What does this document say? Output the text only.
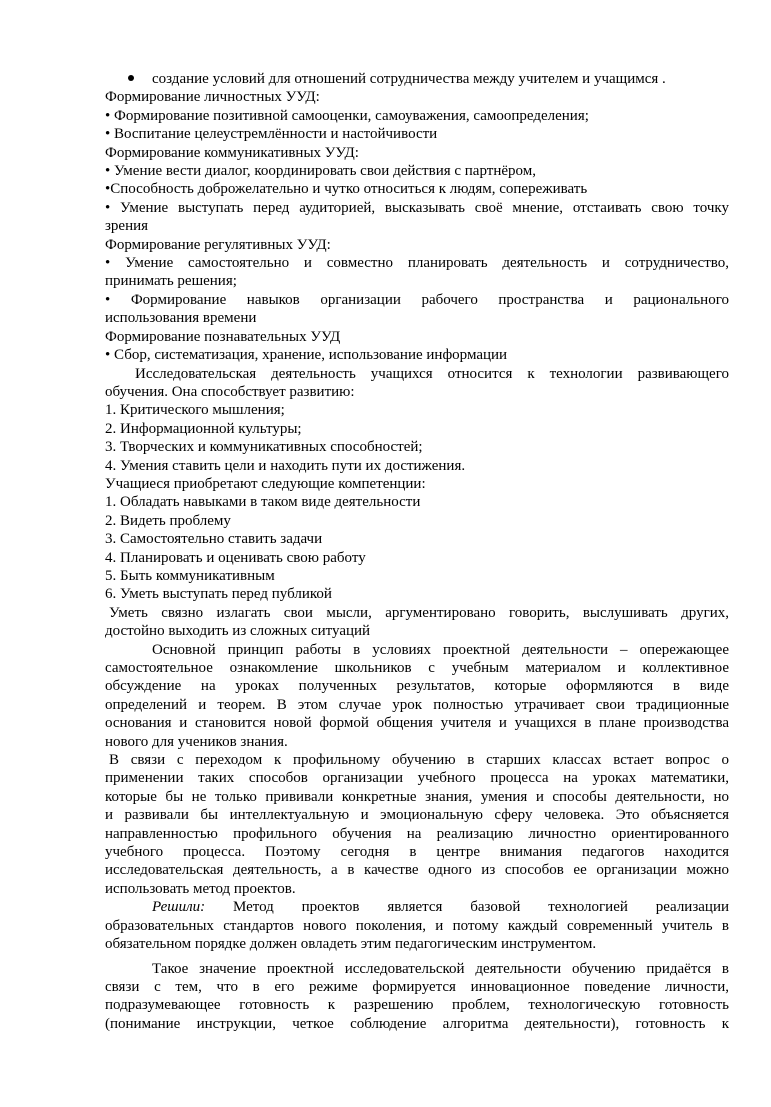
создание условий для отношений сотрудничества между учителем и учащимся .
Формирование личностных УУД:
• Формирование позитивной самооценки, самоуважения, самоопределения;
• Воспитание целеустремлённости и настойчивости
Формирование коммуникативных УУД:
• Умение вести диалог, координировать свои действия с партнёром,
•Способность доброжелательно и чутко относиться к людям, сопереживать
• Умение выступать перед аудиторией, высказывать своё мнение, отстаивать свою точку
зрения
Формирование регулятивных УУД:
• Умение самостоятельно и совместно планировать деятельность и сотрудничество,
принимать решения;
• Формирование навыков организации рабочего пространства и рационального
использования времени
Формирование познавательных УУД
• Сбор, систематизация, хранение, использование информации
Исследовательская деятельность учащихся относится к технологии развивающего
обучения. Она способствует развитию:
1. Критического мышления;
2. Информационной культуры;
3. Творческих и коммуникативных способностей;
4. Умения ставить цели и находить пути их достижения.
Учащиеся приобретают следующие компетенции:
1. Обладать навыками в таком виде деятельности
2. Видеть проблему
3. Самостоятельно ставить задачи
4. Планировать и оценивать свою работу
5. Быть коммуникативным
6. Уметь выступать перед публикой
Уметь связно излагать свои мысли, аргументировано говорить, выслушивать других,
достойно выходить из сложных ситуаций
Основной принцип работы в условиях проектной деятельности – опережающее
самостоятельное ознакомление школьников с учебным материалом и коллективное
обсуждение на уроках полученных результатов, которые оформляются в виде
определений и теорем. В этом случае урок полностью утрачивает свои традиционные
основания и становится новой формой общения учителя и учащихся в плане производства
нового для учеников знания.
В связи с переходом к профильному обучению в старших классах встает вопрос о
применении таких способов организации учебного процесса на уроках математики,
которые бы не только прививали конкретные знания, умения и способы деятельности, но
и развивали бы интеллектуальную и эмоциональную сферу человека. Это объясняется
направленностью профильного обучения на реализацию личностно ориентированного
учебного процесса. Поэтому сегодня в центре внимания педагогов находится
исследовательская деятельность, а в качестве одного из способов ее организации можно
использовать метод проектов.
Решили: Метод проектов является базовой технологией реализации
образовательных стандартов нового поколения, и потому каждый современный учитель в
обязательном порядке должен овладеть этим педагогическим инструментом.
Такое значение проектной исследовательской деятельности обучению придаётся в
связи с тем, что в его режиме формируется инновационное поведение личности,
подразумевающее готовность к разрешению проблем, технологическую готовность
(понимание инструкции, четкое соблюдение алгоритма деятельности), готовность к
